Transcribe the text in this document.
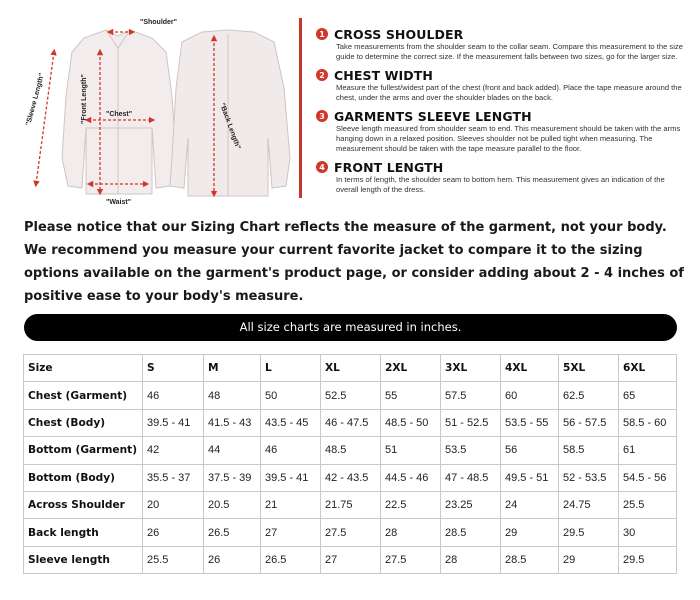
"Shoulder"
"Sleeve Length"	"Front Length"	"Chest"	"Back Length"
"Waist"
1 CROSS SHOULDER
Take measurements from the shoulder seam to the collar seam. Compare this measurement to the size guide to determine the correct size. If the measurement falls between two sizes, go for the larger size.
2 CHEST WIDTH
Measure the fullest/widest part of the chest (front and back added). Place the tape measure around the chest, under the arms and over the shoulder blades on the back.
3 GARMENTS SLEEVE LENGTH
Sleeve length measured from shoulder seam to end. This measurement should be taken with the arms hanging down in a relaxed position. Sleeves shoulder not be pulled tight when measuring. The measurement should be taken with the tape measure parallel to the floor.
4 FRONT LENGTH
In terms of length, the shoulder seam to bottom hem. This measurement gives an indication of the overall length of the dress.

Please notice that our Sizing Chart reflects the measure of the garment, not your body. We recommend you measure your current favorite jacket to compare it to the sizing options available on the garment's product page, or consider adding about 2 - 4 inches of positive ease to your body's measure.

All size charts are measured in inches.
Size	S	M	L	XL	2XL	3XL	4XL	5XL	6XL
Chest (Garment)	46	48	50	52.5	55	57.5	60	62.5	65
Chest (Body)	39.5 - 41	41.5 - 43	43.5 - 45	46 - 47.5	48.5 - 50	51 - 52.5	53.5 - 55	56 - 57.5	58.5 - 60
Bottom (Garment)	42	44	46	48.5	51	53.5	56	58.5	61
Bottom (Body)	35.5 - 37	37.5 - 39	39.5 - 41	42 - 43.5	44.5 - 46	47 - 48.5	49.5 - 51	52 - 53.5	54.5 - 56
Across Shoulder	20	20.5	21	21.75	22.5	23.25	24	24.75	25.5
Back length	26	26.5	27	27.5	28	28.5	29	29.5	30
Sleeve length	25.5	26	26.5	27	27.5	28	28.5	29	29.5
